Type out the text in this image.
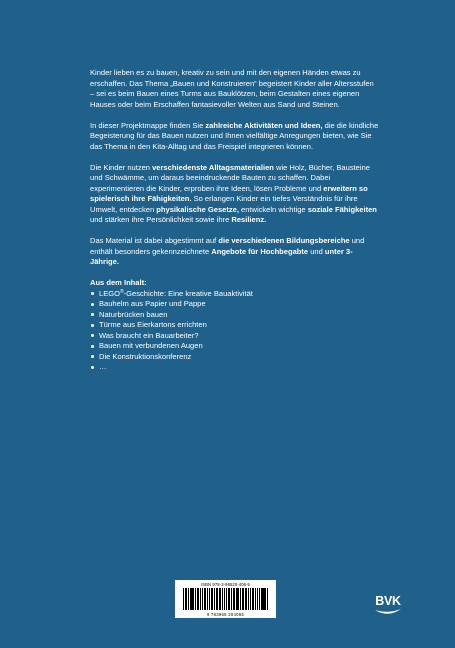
Kinder lieben es zu bauen, kreativ zu sein und mit den eigenen Händen etwas zu erschaffen. Das Thema „Bauen und Konstruieren“ begeistert Kinder aller Altersstufen – sei es beim Bauen eines Turms aus Bauklötzen, beim Gestalten eines eigenen Hauses oder beim Erschaffen fantasievoller Welten aus Sand und Steinen.

In dieser Projektmappe finden Sie zahlreiche Aktivitäten und Ideen, die die kindliche Begeisterung für das Bauen nutzen und Ihnen vielfältige Anregungen bieten, wie Sie das Thema in den Kita-Alltag und das Freispiel integrieren können.

Die Kinder nutzen verschiedenste Alltagsmaterialien wie Holz, Bücher, Bausteine und Schwämme, um daraus beeindruckende Bauten zu schaffen. Dabei experimentieren die Kinder, erproben ihre Ideen, lösen Probleme und erweitern so spielerisch ihre Fähigkeiten. So erlangen Kinder ein tiefes Verständnis für ihre Umwelt, entdecken physikalische Gesetze, entwickeln wichtige soziale Fähigkeiten und stärken ihre Persönlichkeit sowie ihre Resilienz.

Das Material ist dabei abgestimmt auf die verschiedenen Bildungsbereiche und enthält besonders gekennzeichnete Angebote für Hochbegabte und unter 3-Jährige.

Aus dem Inhalt:
LEGO®-Geschichte: Eine kreative Bauaktivität
Bauhelm aus Papier und Pappe
Naturbrücken bauen
Türme aus Eierkartons errichten
Was braucht ein Bauarbeiter?
Bauen mit verbundenen Augen
Die Konstruktionskonferenz
…
ISBN 978-3-96520-406-5
9 783965 204065
BVK
